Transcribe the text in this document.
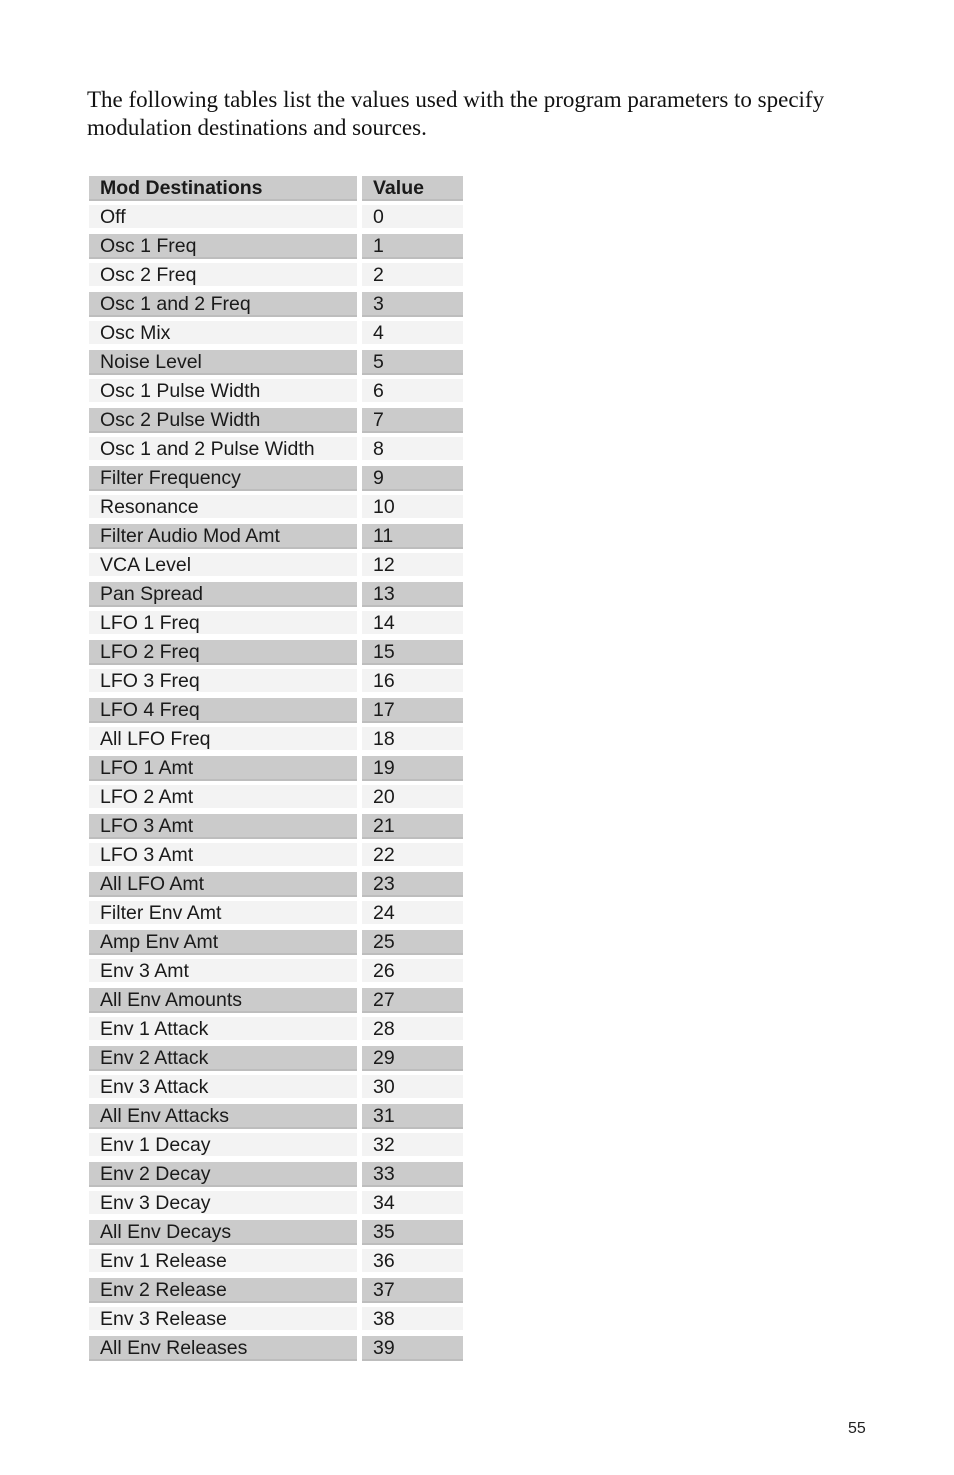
The following tables list the values used with the program parameters to specify modulation destinations and sources.

Mod Destinations	Value
Off	0
Osc 1 Freq	1
Osc 2 Freq	2
Osc 1 and 2 Freq	3
Osc Mix	4
Noise Level	5
Osc 1 Pulse Width	6
Osc 2 Pulse Width	7
Osc 1 and 2 Pulse Width	8
Filter Frequency	9
Resonance	10
Filter Audio Mod Amt	11
VCA Level	12
Pan Spread	13
LFO 1 Freq	14
LFO 2 Freq	15
LFO 3 Freq	16
LFO 4 Freq	17
All LFO Freq	18
LFO 1 Amt	19
LFO 2 Amt	20
LFO 3 Amt	21
LFO 3 Amt	22
All LFO Amt	23
Filter Env Amt	24
Amp Env Amt	25
Env 3 Amt	26
All Env Amounts	27
Env 1 Attack	28
Env 2 Attack	29
Env 3 Attack	30
All Env Attacks	31
Env 1 Decay	32
Env 2 Decay	33
Env 3 Decay	34
All Env Decays	35
Env 1 Release	36
Env 2 Release	37
Env 3 Release	38
All Env Releases	39
55
